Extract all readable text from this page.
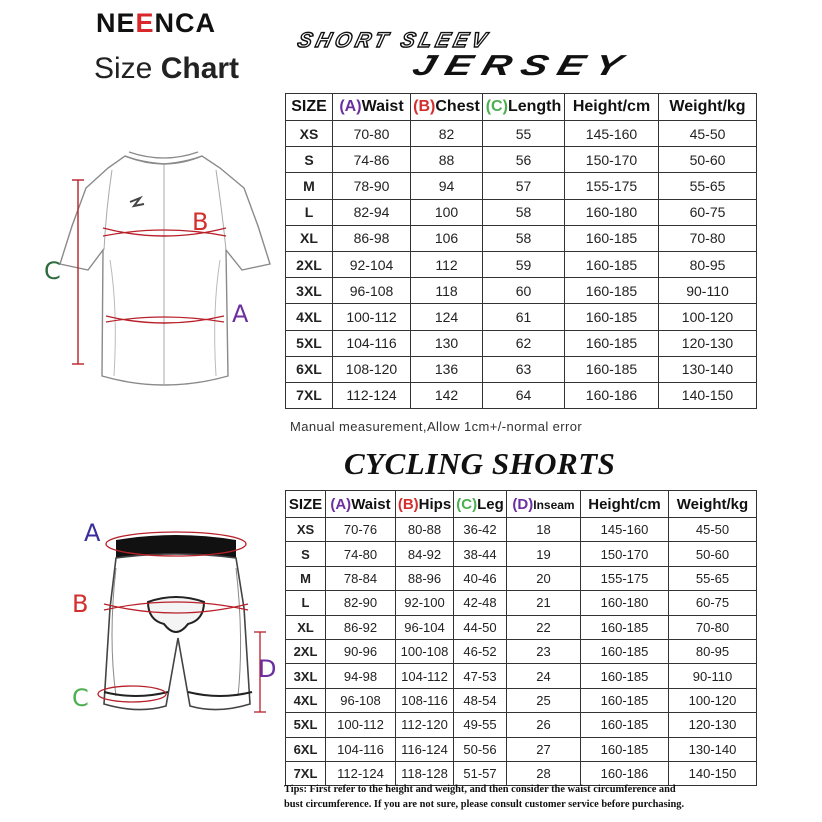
NEENCA
Size Chart
SHORT SLEEV
JERSEY
B
A
C
SIZE	(A)Waist	(B)Chest	(C)Length	Height/cm	Weight/kg
XS	70-80	82	55	145-160	45-50
S	74-86	88	56	150-170	50-60
M	78-90	94	57	155-175	55-65
L	82-94	100	58	160-180	60-75
XL	86-98	106	58	160-185	70-80
2XL	92-104	112	59	160-185	80-95
3XL	96-108	118	60	160-185	90-110
4XL	100-112	124	61	160-185	100-120
5XL	104-116	130	62	160-185	120-130
6XL	108-120	136	63	160-185	130-140
7XL	112-124	142	64	160-186	140-150
Manual measurement,Allow 1cm+/-normal error
CYCLING SHORTS
A
B
C
D
SIZE	(A)Waist	(B)Hips	(C)Leg	(D)Inseam	Height/cm	Weight/kg
XS	70-76	80-88	36-42	18	145-160	45-50
S	74-80	84-92	38-44	19	150-170	50-60
M	78-84	88-96	40-46	20	155-175	55-65
L	82-90	92-100	42-48	21	160-180	60-75
XL	86-92	96-104	44-50	22	160-185	70-80
2XL	90-96	100-108	46-52	23	160-185	80-95
3XL	94-98	104-112	47-53	24	160-185	90-110
4XL	96-108	108-116	48-54	25	160-185	100-120
5XL	100-112	112-120	49-55	26	160-185	120-130
6XL	104-116	116-124	50-56	27	160-185	130-140
7XL	112-124	118-128	51-57	28	160-186	140-150
Tips: First refer to the height and weight, and then consider the waist circumference and
bust circumference. If you are not sure, please consult customer service before purchasing.
